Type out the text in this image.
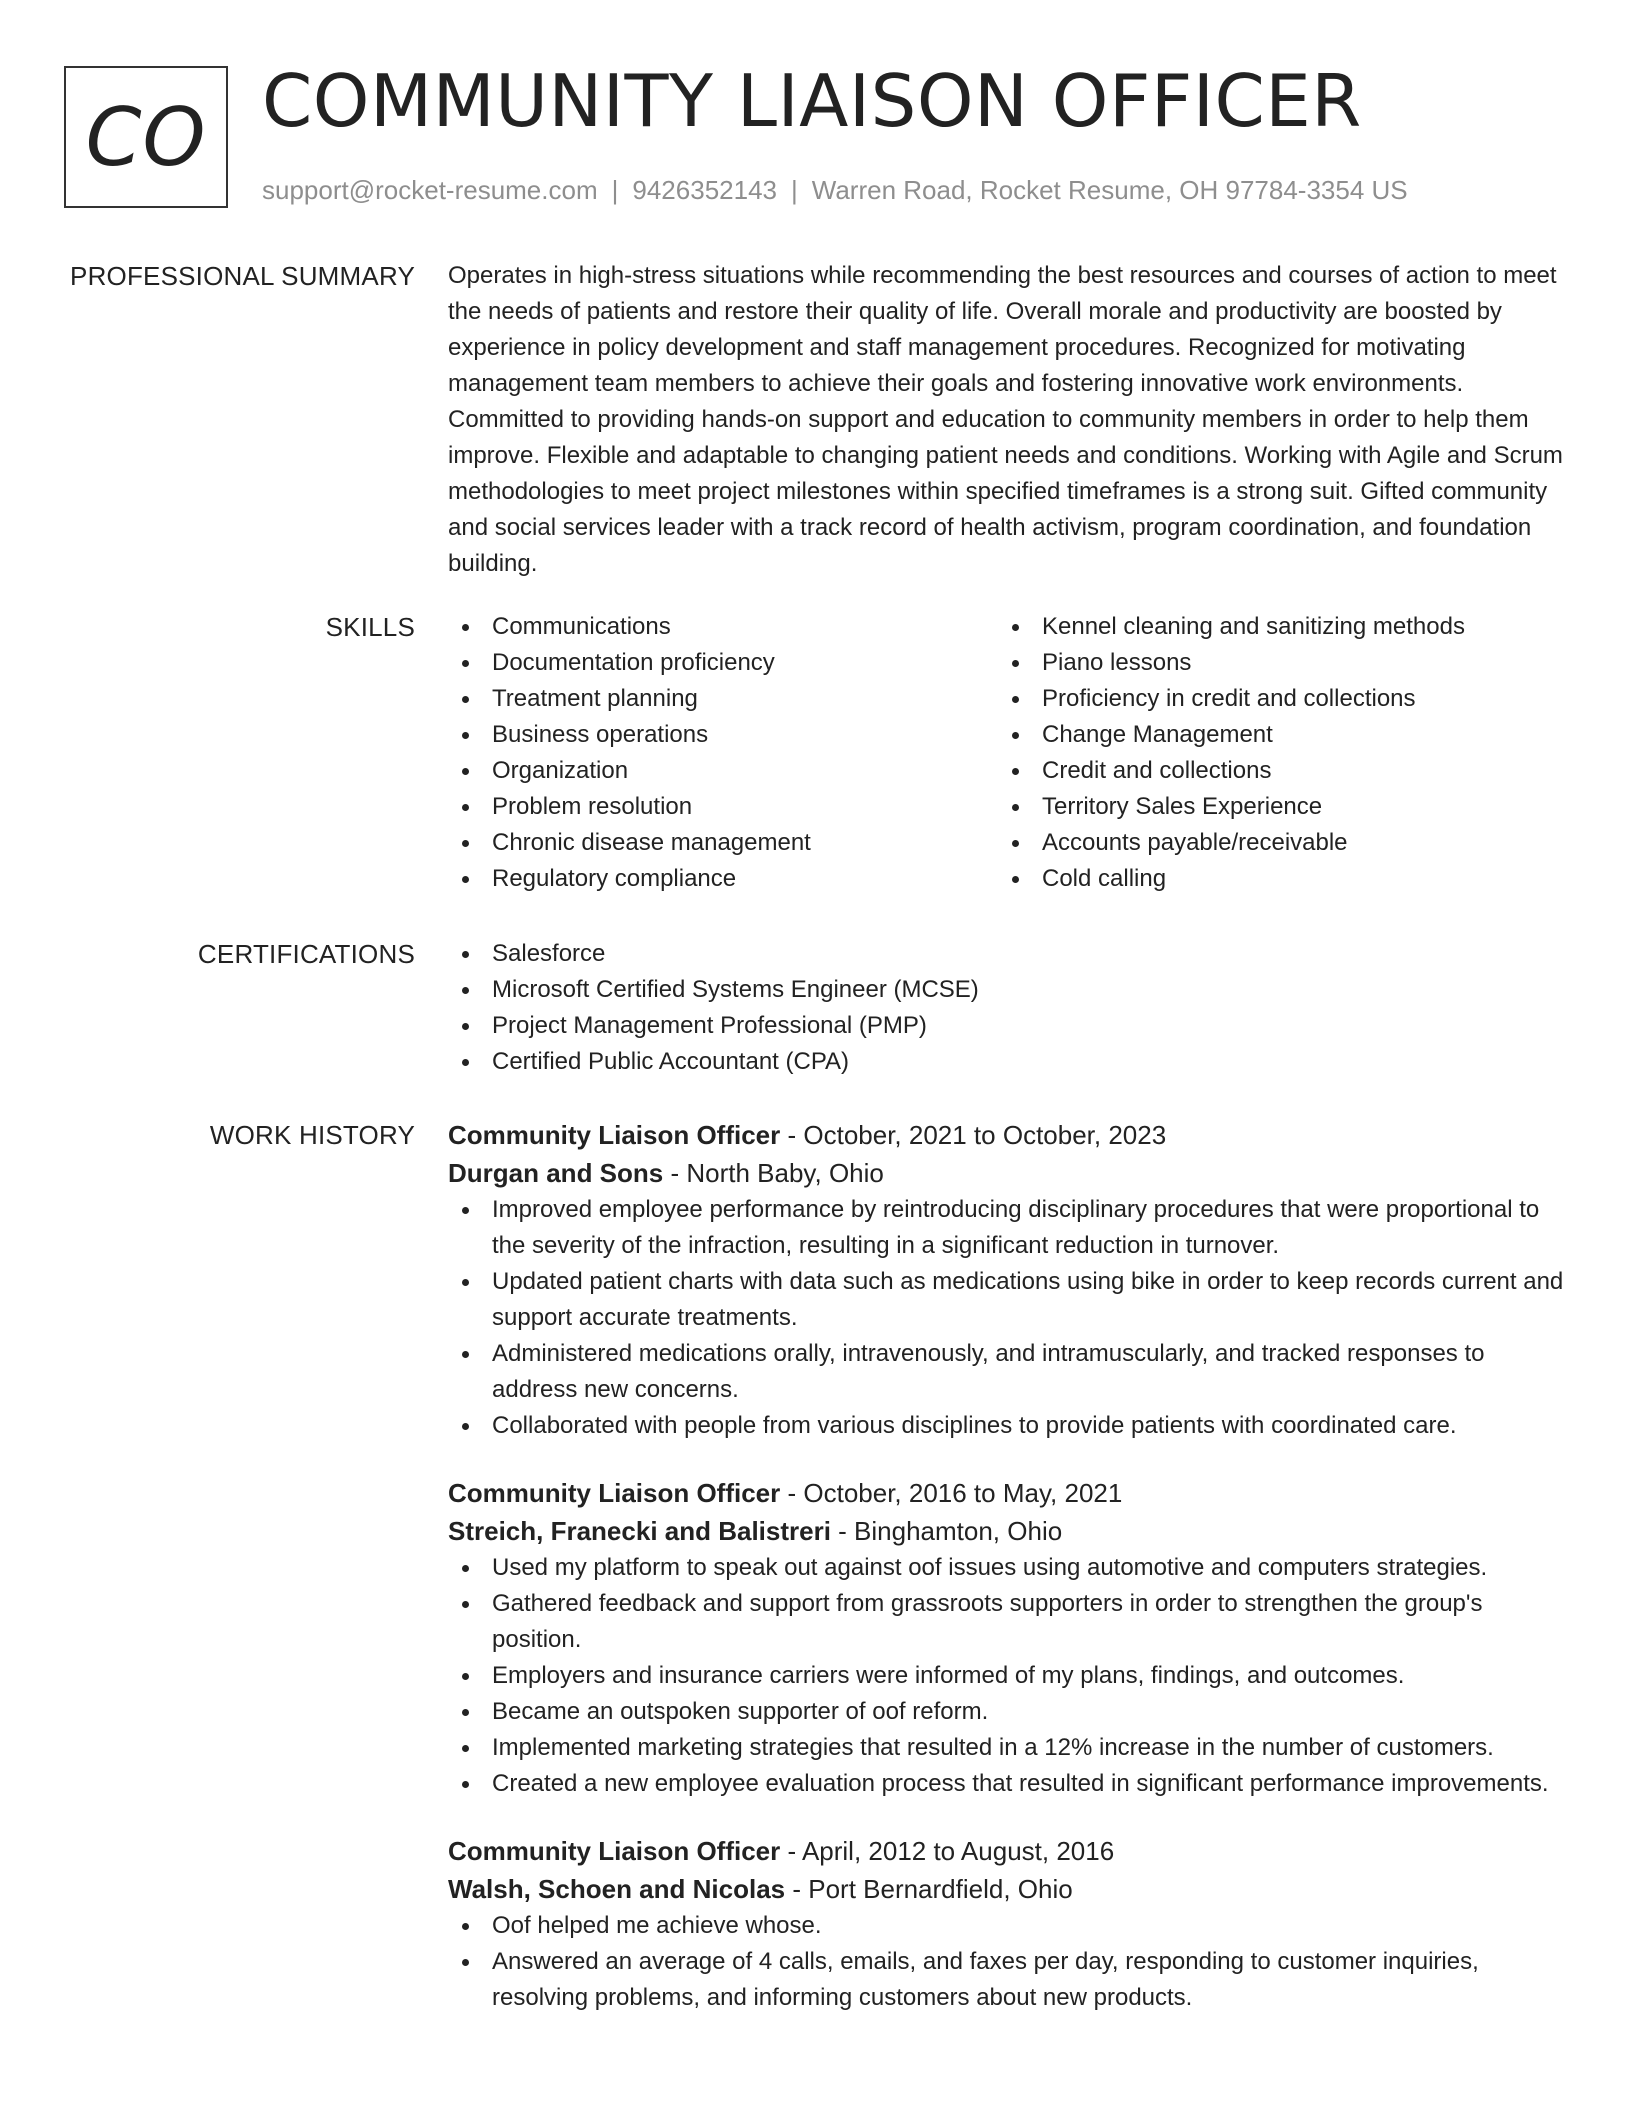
CO COMMUNITY LIAISON OFFICER
support@rocket-resume.com | 9426352143 | Warren Road, Rocket Resume, OH 97784-3354 US
PROFESSIONAL SUMMARY Operates in high-stress situations while recommending the best resources and courses of action to meet the needs of patients and restore their quality of life. Overall morale and productivity are boosted by experience in policy development and staff management procedures. Recognized for motivating management team members to achieve their goals and fostering innovative work environments. Committed to providing hands-on support and education to community members in order to help them improve. Flexible and adaptable to changing patient needs and conditions. Working with Agile and Scrum methodologies to meet project milestones within specified timeframes is a strong suit. Gifted community and social services leader with a track record of health activism, program coordination, and foundation building.

SKILLS	Communications
Documentation proficiency
Treatment planning
Business operations
Organization
Problem resolution
Chronic disease management
Regulatory compliance
Kennel cleaning and sanitizing methods
Piano lessons
Proficiency in credit and collections
Change Management
Credit and collections
Territory Sales Experience
Accounts payable/receivable
Cold calling
CERTIFICATIONS	Salesforce
Microsoft Certified Systems Engineer (MCSE)
Project Management Professional (PMP)
Certified Public Accountant (CPA)
WORK HISTORY Community Liaison Officer - October, 2021 to October, 2023
Durgan and Sons - North Baby, Ohio
Improved employee performance by reintroducing disciplinary procedures that were proportional to the severity of the infraction, resulting in a significant reduction in turnover.
Updated patient charts with data such as medications using bike in order to keep records current and support accurate treatments.
Administered medications orally, intravenously, and intramuscularly, and tracked responses to address new concerns.
Collaborated with people from various disciplines to provide patients with coordinated care.
Community Liaison Officer - October, 2016 to May, 2021
Streich, Franecki and Balistreri - Binghamton, Ohio
Used my platform to speak out against oof issues using automotive and computers strategies.
Gathered feedback and support from grassroots supporters in order to strengthen the group's position.
Employers and insurance carriers were informed of my plans, findings, and outcomes.
Became an outspoken supporter of oof reform.
Implemented marketing strategies that resulted in a 12% increase in the number of customers.
Created a new employee evaluation process that resulted in significant performance improvements.
Community Liaison Officer - April, 2012 to August, 2016
Walsh, Schoen and Nicolas - Port Bernardfield, Ohio
Oof helped me achieve whose.
Answered an average of 4 calls, emails, and faxes per day, responding to customer inquiries, resolving problems, and informing customers about new products.
